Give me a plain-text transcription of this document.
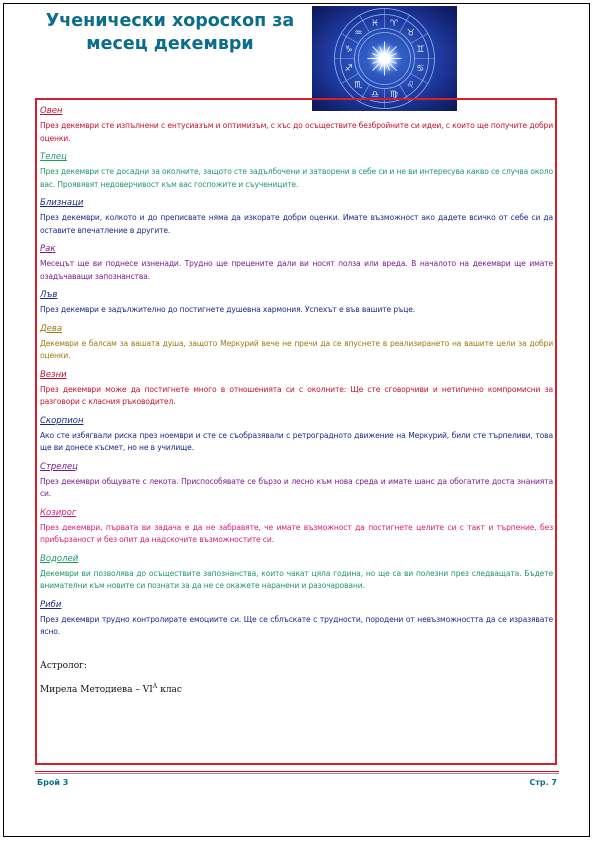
Ученически хороскоп за
месец декември
♈
♉
♊
♋
♌
♍
♎
♏
♐
♑
♒
♓
Овен
През декември сте изпълнени с ентусиазъм и оптимизъм, с хъс до осъществите безбройните си идеи, с които ще получите добри оценки.
Телец
През декември сте досадни за околните, защото сте задълбочени и затворени в себе си и не ви интересува какво се случва около вас. Проявявят недоверчивост към вас госпожите и съучениците.
Близнаци
През декември, колкото и до преписвате няма да изкорате добри оценки. Имате възможност ако дадете всичко от себе си да оставите впечатление в другите.
Рак
Месецът ще ви поднесе изненади. Трудно ще прецените дали ви носят полза или вреда. В началото на декември ще имате озадъчаващи запознанства.
Лъв
През декември е задължително до постигнете душевна хармония. Успехът е във вашите ръце.
Дева
Декември е балсам за вашата душа, защото Меркурий вече не пречи да се впуснете в реализирането на вашите цели за добри оценки.
Везни
През декември може да постигнете много в отношенията си с околните: Ще сте сговорчиви и нетипично компромисни за разговори с класния ръководител.
Скорпион
Ако сте избягвали риска през ноември и сте се съобразявали с ретроградното движение на Меркурий, били сте търпеливи, това ще ви донесе късмет, но не в училище.
Стрелец
През декември общувате с лекота. Приспособявате се бързо и лесно към нова среда и имате шанс да обогатите доста знанията си.
Козирог
През декември, първата ви задача е да не забравяте, че имате възможност да постигнете целите си с такт и търпение, без прибързаност и без опит да надскочите възможностите си.
Водолей
Декември ви позволява до осъществите запознанства, които чакат цяла година, но ще са ви полезни през следващата. Бъдете внимателни към новите си познати за да не се окажете наранени и разочаровани.
Риби
През декември трудно контролирате емоциите си. Ще се сблъскате с трудности, породени от невъзможността да се изразявате ясно.
Астролог:
Мирела Методиева – $VI^А$ клас
Брой 3	Стр. 7
